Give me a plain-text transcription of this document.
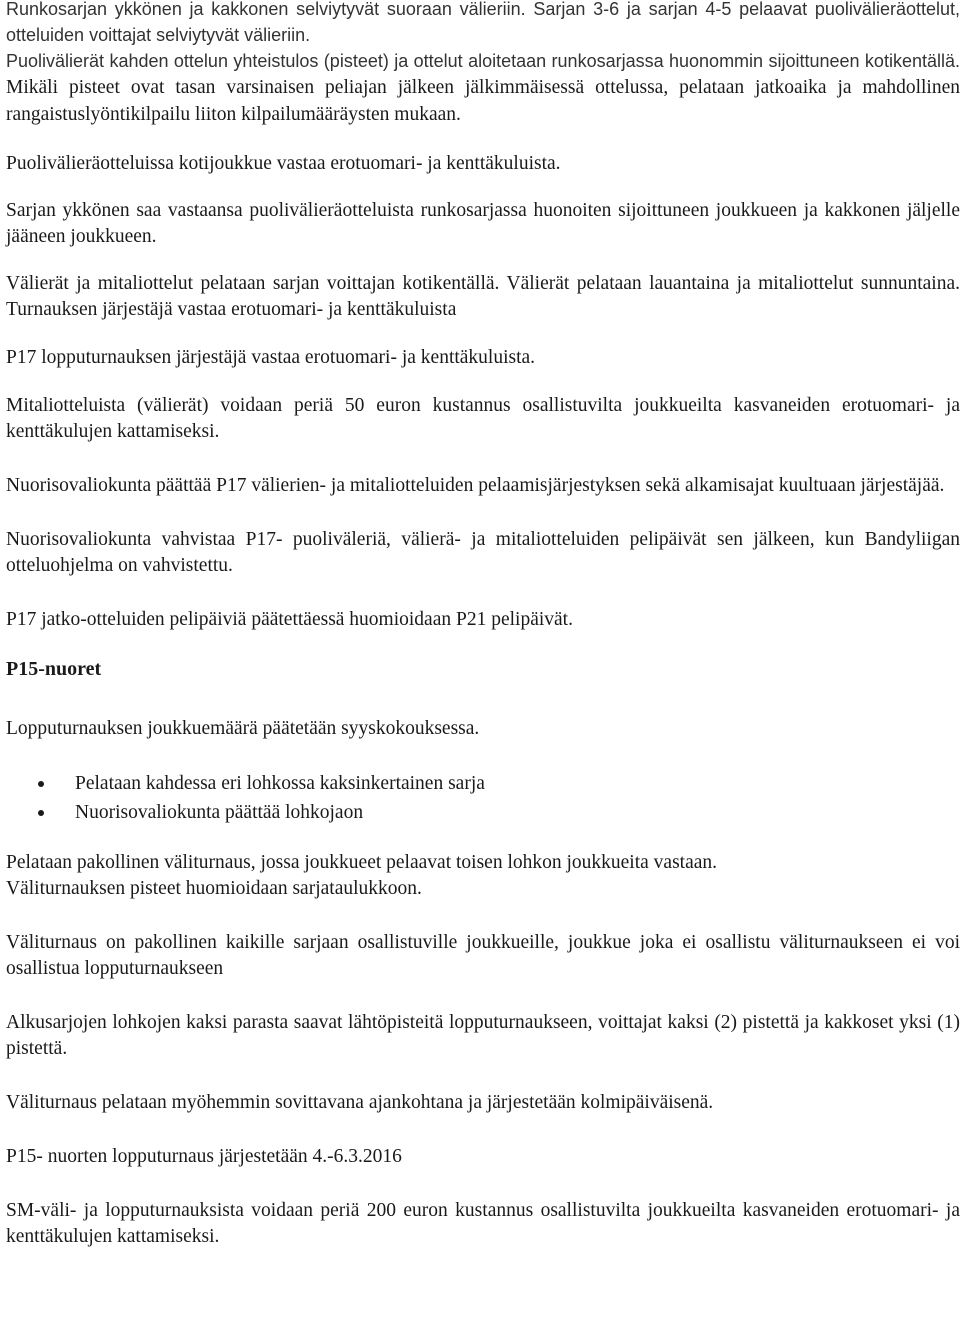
Runkosarjan ykkönen ja kakkonen selviytyvät suoraan välieriin. Sarjan 3-6 ja sarjan 4-5 pelaavat puolivälieräottelut, otteluiden voittajat selviytyvät välieriin.

Puolivälierät kahden ottelun yhteistulos (pisteet) ja ottelut aloitetaan runkosarjassa huonommin sijoittuneen kotikentällä. Mikäli pisteet ovat tasan varsinaisen peliajan jälkeen jälkimmäisessä ottelussa, pelataan jatkoaika ja mahdollinen rangaistuslyöntikilpailu liiton kilpailumääräysten mukaan.

Puolivälieräotteluissa kotijoukkue vastaa erotuomari- ja kenttäkuluista.

Sarjan ykkönen saa vastaansa puolivälieräotteluista runkosarjassa huonoiten sijoittuneen joukkueen ja kakkonen jäljelle jääneen joukkueen.

Välierät ja mitaliottelut pelataan sarjan voittajan kotikentällä. Välierät pelataan lauantaina ja mitaliottelut sunnuntaina. Turnauksen järjestäjä vastaa erotuomari- ja kenttäkuluista

P17 lopputurnauksen järjestäjä vastaa erotuomari- ja kenttäkuluista.

Mitaliotteluista (välierät) voidaan periä 50 euron kustannus osallistuvilta joukkueilta kasvaneiden erotuomari- ja kenttäkulujen kattamiseksi.

Nuorisovaliokunta päättää P17 välierien- ja mitaliotteluiden pelaamisjärjestyksen sekä alkamisajat kuultuaan järjestäjää.

Nuorisovaliokunta vahvistaa P17- puoliväleriä, välierä- ja mitaliotteluiden pelipäivät sen jälkeen, kun Bandyliigan otteluohjelma on vahvistettu.

P17 jatko-otteluiden pelipäiviä päätettäessä huomioidaan P21 pelipäivät.

P15-nuoret

Lopputurnauksen joukkuemäärä päätetään syyskokouksessa.

Pelataan kahdessa eri lohkossa kaksinkertainen sarja
Nuorisovaliokunta päättää lohkojaon

Pelataan pakollinen väliturnaus, jossa joukkueet pelaavat toisen lohkon joukkueita vastaan.
Väliturnauksen pisteet huomioidaan sarjataulukkoon.

Väliturnaus on pakollinen kaikille sarjaan osallistuville joukkueille, joukkue joka ei osallistu väliturnaukseen ei voi osallistua lopputurnaukseen

Alkusarjojen lohkojen kaksi parasta saavat lähtöpisteitä lopputurnaukseen, voittajat kaksi (2) pistettä ja kakkoset yksi (1) pistettä.

Väliturnaus pelataan myöhemmin sovittavana ajankohtana ja järjestetään kolmipäiväisenä.

P15- nuorten lopputurnaus järjestetään 4.-6.3.2016

SM-väli- ja lopputurnauksista voidaan periä 200 euron kustannus osallistuvilta joukkueilta kasvaneiden erotuomari- ja kenttäkulujen kattamiseksi.
